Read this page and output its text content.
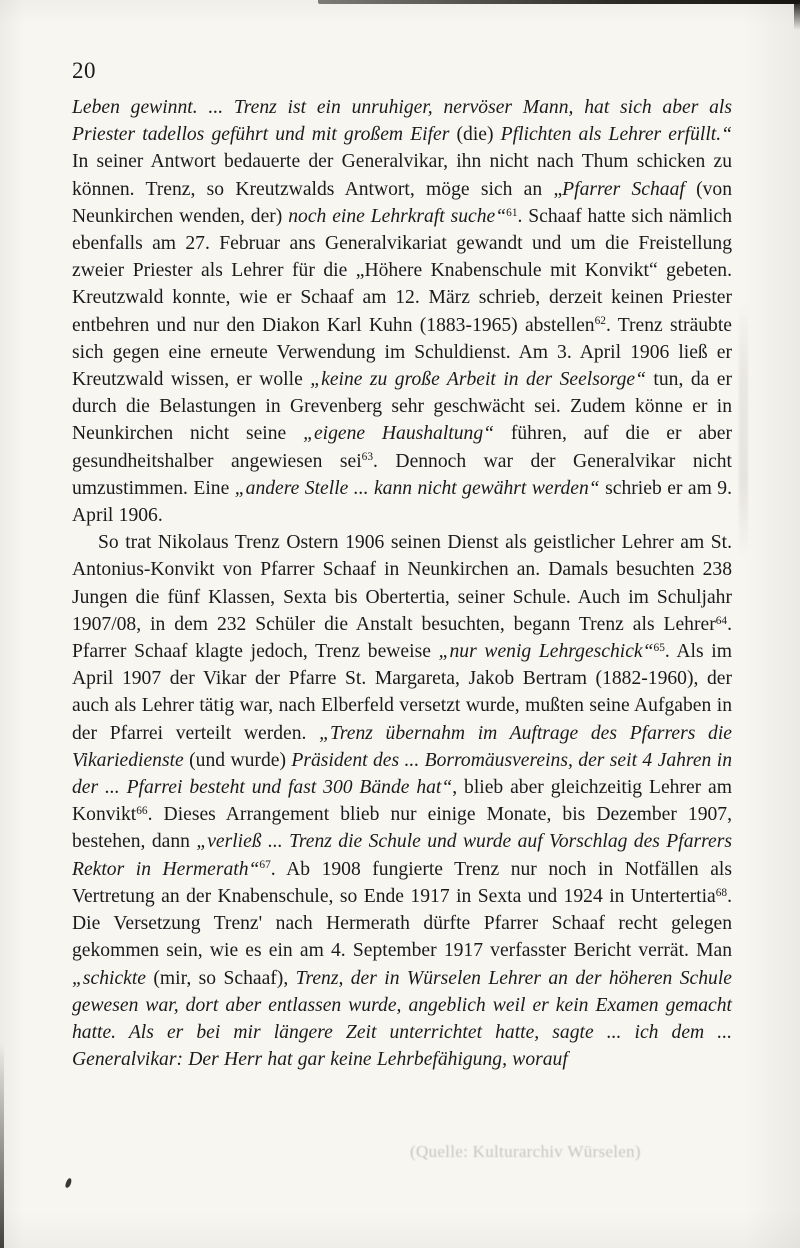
20

Leben gewinnt. ... Trenz ist ein unruhiger, nervöser Mann, hat sich aber als Priester tadellos geführt und mit großem Eifer (die) Pflichten als Lehrer erfüllt.“ In seiner Antwort bedauerte der Generalvikar, ihn nicht nach Thum schicken zu können. Trenz, so Kreutzwalds Antwort, möge sich an „Pfarrer Schaaf (von Neunkirchen wenden, der) noch eine Lehrkraft suche“$^{61}$. Schaaf hatte sich nämlich ebenfalls am 27. Februar ans Generalvikariat gewandt und um die Freistellung zweier Priester als Lehrer für die „Höhere Knabenschule mit Konvikt“ gebeten. Kreutzwald konnte, wie er Schaaf am 12. März schrieb, derzeit keinen Priester entbehren und nur den Diakon Karl Kuhn (1883-1965) abstellen$^{62}$. Trenz sträubte sich gegen eine erneute Verwendung im Schuldienst. Am 3. April 1906 ließ er Kreutzwald wissen, er wolle „keine zu große Arbeit in der Seelsorge“ tun, da er durch die Belastungen in Grevenberg sehr geschwächt sei. Zudem könne er in Neunkirchen nicht seine „eigene Haushaltung“ führen, auf die er aber gesundheitshalber angewiesen sei$^{63}$. Dennoch war der Generalvikar nicht umzustimmen. Eine „andere Stelle ... kann nicht gewährt werden“ schrieb er am 9. April 1906.

So trat Nikolaus Trenz Ostern 1906 seinen Dienst als geistlicher Lehrer am St. Antonius-Konvikt von Pfarrer Schaaf in Neunkirchen an. Damals besuchten 238 Jungen die fünf Klassen, Sexta bis Obertertia, seiner Schule. Auch im Schuljahr 1907/08, in dem 232 Schüler die Anstalt besuchten, begann Trenz als Lehrer$^{64}$. Pfarrer Schaaf klagte jedoch, Trenz beweise „nur wenig Lehrgeschick“$^{65}$. Als im April 1907 der Vikar der Pfarre St. Margareta, Jakob Bertram (1882-1960), der auch als Lehrer tätig war, nach Elberfeld versetzt wurde, mußten seine Aufgaben in der Pfarrei verteilt werden. „Trenz übernahm im Auftrage des Pfarrers die Vikariedienste (und wurde) Präsident des ... Borromäusvereins, der seit 4 Jahren in der ... Pfarrei besteht und fast 300 Bände hat“, blieb aber gleichzeitig Lehrer am Konvikt$^{66}$. Dieses Arrangement blieb nur einige Monate, bis Dezember 1907, bestehen, dann „verließ ... Trenz die Schule und wurde auf Vorschlag des Pfarrers Rektor in Hermerath“$^{67}$. Ab 1908 fungierte Trenz nur noch in Notfällen als Vertretung an der Knabenschule, so Ende 1917 in Sexta und 1924 in Untertertia$^{68}$. Die Versetzung Trenz' nach Hermerath dürfte Pfarrer Schaaf recht gelegen gekommen sein, wie es ein am 4. September 1917 verfasster Bericht verrät. Man „schickte (mir, so Schaaf), Trenz, der in Würselen Lehrer an der höheren Schule gewesen war, dort aber entlassen wurde, angeblich weil er kein Examen gemacht hatte. Als er bei mir längere Zeit unterrichtet hatte, sagte ... ich dem ... Generalvikar: Der Herr hat gar keine Lehrbefähigung, worauf

(Quelle: Kulturarchiv Würselen)
